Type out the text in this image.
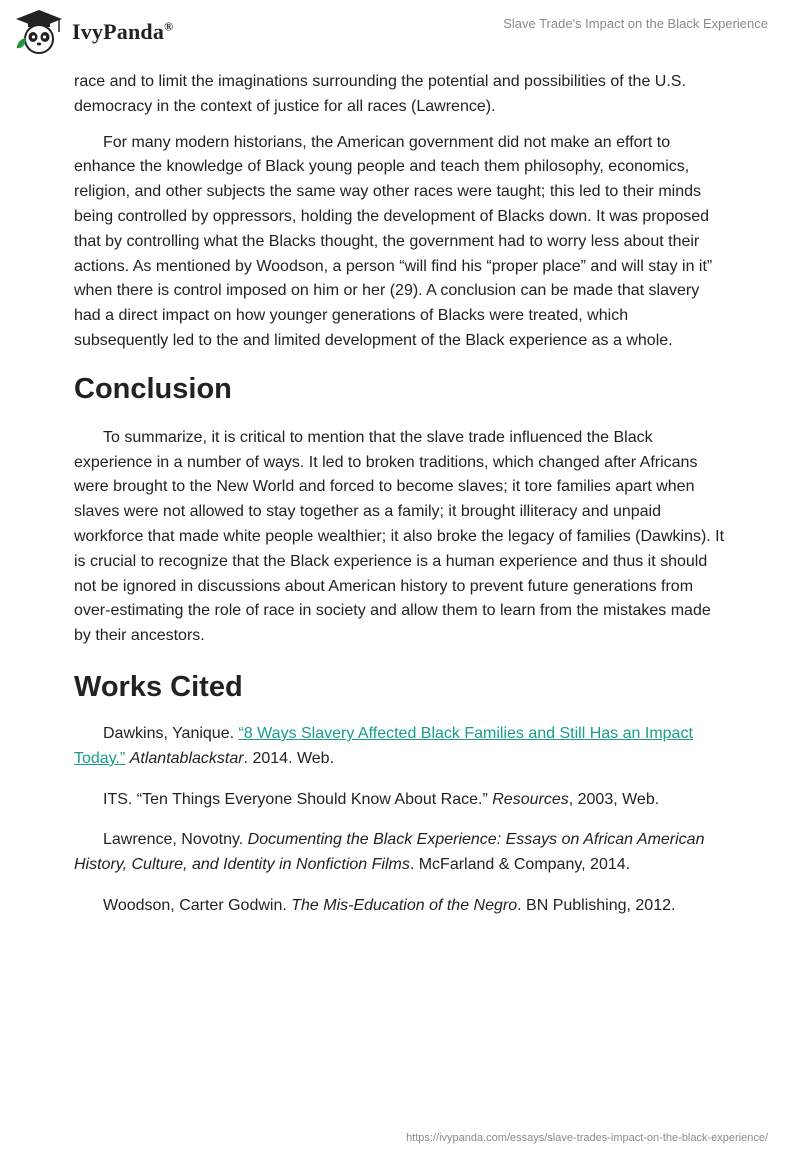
IvyPanda®	Slave Trade's Impact on the Black Experience

race and to limit the imaginations surrounding the potential and possibilities of the U.S. democracy in the context of justice for all races (Lawrence).

For many modern historians, the American government did not make an effort to enhance the knowledge of Black young people and teach them philosophy, economics, religion, and other subjects the same way other races were taught; this led to their minds being controlled by oppressors, holding the development of Blacks down. It was proposed that by controlling what the Blacks thought, the government had to worry less about their actions. As mentioned by Woodson, a person “will find his “proper place” and will stay in it” when there is control imposed on him or her (29). A conclusion can be made that slavery had a direct impact on how younger generations of Blacks were treated, which subsequently led to the and limited development of the Black experience as a whole.

Conclusion

To summarize, it is critical to mention that the slave trade influenced the Black experience in a number of ways. It led to broken traditions, which changed after Africans were brought to the New World and forced to become slaves; it tore families apart when slaves were not allowed to stay together as a family; it brought illiteracy and unpaid workforce that made white people wealthier; it also broke the legacy of families (Dawkins). It is crucial to recognize that the Black experience is a human experience and thus it should not be ignored in discussions about American history to prevent future generations from over-estimating the role of race in society and allow them to learn from the mistakes made by their ancestors.

Works Cited

Dawkins, Yanique. “8 Ways Slavery Affected Black Families and Still Has an Impact Today.” Atlantablackstar. 2014. Web.

ITS. “Ten Things Everyone Should Know About Race.” Resources, 2003, Web.

Lawrence, Novotny. Documenting the Black Experience: Essays on African American History, Culture, and Identity in Nonfiction Films. McFarland & Company, 2014.

Woodson, Carter Godwin. The Mis-Education of the Negro. BN Publishing, 2012.

https://ivypanda.com/essays/slave-trades-impact-on-the-black-experience/
